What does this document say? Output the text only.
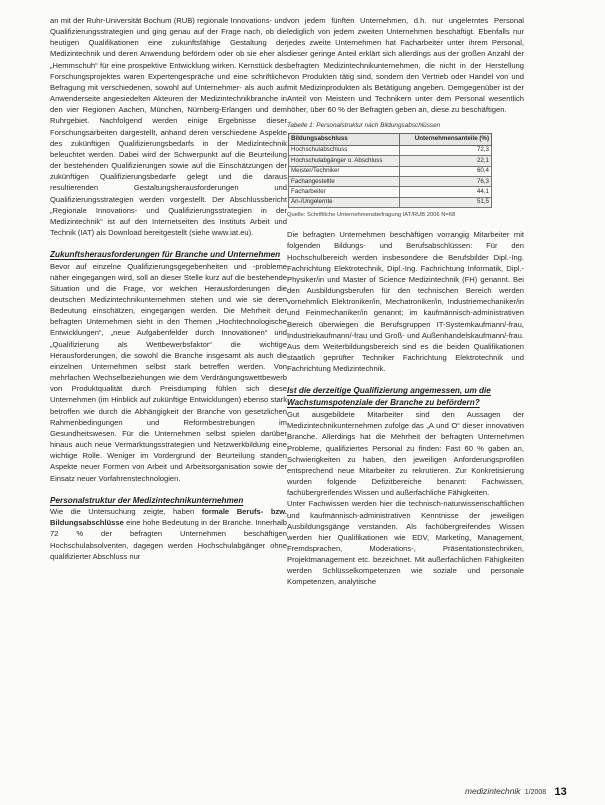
an mit der Ruhr-Universität Bochum (RUB) regionale Innovations- und Qualifizierungsstrategien und ging genau auf der Frage nach, ob die heutigen Qualifikationen eine zukunftsfähige Gestaltung der Medizintechnik und deren Anwendung befördern oder ob sie eher als „Hemmschuh“ für eine prospektive Entwicklung wirken. Kernstück des Forschungsprojektes waren Expertengespräche und eine schriftliche Befragung mit verschiedenen, sowohl auf Unternehmer- als auch auf Anwenderseite angesiedelten Akteuren der Medizintechnikbranche in den vier Regionen Aachen, München, Nürnberg-Erlangen und dem Ruhrgebiet. Nachfolgend werden einige Ergebnisse dieser Forschungsarbeiten dargestellt, anhand deren verschiedene Aspekte des zukünftigen Qualifizierungsbedarfs in der Medizintechnik beleuchtet werden. Dabei wird der Schwerpunkt auf die Beurteilung der bestehenden Qualifizierungen sowie auf die Einschätzungen der zukünftigen Qualifizierungsbedarfe gelegt und die daraus resultierenden Gestaltungsherausforderungen und Qualifizierungsstrategien werden vorgestellt. Der Abschlussbericht „Regionale Innovations- und Qualifizierungsstrategien in der Medizintechnik“ ist auf den Internetseiten des Instituts Arbeit und Technik (IAT) als Download bereitgestellt (siehe www.iat.eu).

Zukunftsherausforderungen für Branche und Unternehmen

Bevor auf einzelne Qualifizierungsgegebenheiten und -probleme näher eingegangen wird, soll an dieser Stelle kurz auf die bestehende Situation und die Frage, vor welchen Herausforderungen die deutschen Medizintechnikunternehmen stehen und wie sie deren Bedeutung einschätzen, eingegangen werden. Die Mehrheit der befragten Unternehmen sieht in den Themen „Hochtechnologische Entwicklungen“, „neue Aufgabenfelder durch Innovationen“ und „Qualifizierung als Wettbewerbsfaktor“ die wichtige Herausforderungen, die sowohl die Branche insgesamt als auch die einzelnen Unternehmen selbst stark betreffen werden. Von mehrfachen Wechselbeziehungen wie dem Verdrängungswettbewerb von Produktqualität durch Preisdumping fühlen sich diese Unternehmen (im Hinblick auf zukünftige Entwicklungen) ebenso stark betroffen wie durch die Abhängigkeit der Branche von gesetzlichen Rahmenbedingungen und Reformbestrebungen im Gesundheitswesen. Für die Unternehmen selbst spielen darüber hinaus auch neue Vermarktungsstrategien und Netzwerkbildung eine wichtige Rolle. Weniger im Vordergrund der Beurteilung standen Aspekte neuer Formen von Arbeit und Arbeitsorganisation sowie der Einsatz neuer Vorfahrenstechnologien.

Personalstruktur der Medizintechnikunternehmen

Wie die Untersuchung zeigte, haben formale Berufs- bzw. Bildungsabschlüsse eine hohe Bedeutung in der Branche. Innerhalb 72 % der befragten Unternehmen beschäftigen Hochschulabsolventen, dagegen werden Hochschulabgänger ohne qualifizierter Abschluss nur

von jedem fünften Unternehmen, d.h. nur ungelerntes Personal lediglich von jedem zweiten Unternehmen beschäftigt. Ebenfalls nur jedes zweite Unternehmen hat Facharbeiter unter ihrem Personal, dieser geringe Anteil erklärt sich allerdings aus der großen Anzahl der befragten Medizintechnikunternehmen, die nicht in der Herstellung von Produkten tätig sind, sondern den Vertrieb oder Handel von und mit Medizinprodukten als Betätigung angeben. Demgegenüber ist der Anteil von Meistern und Technikern unter dem Personal wesentlich höher, über 60 % der Befragten geben an, diese zu beschäftigen.

Tabelle 1: Personalstruktur nach Bildungsabschlüssen
Bildungsabschluss	Unternehmensanteile (%)
Hochschulabschluss	72,3
Hochschulabgänger o. Abschluss	22,1
Meister/Techniker	60,4
Fachangestellte	76,3
Facharbeiter	44,1
An-/Ungelernte	51,5
Quelle: Schriftliche Unternehmensbefragung IAT/RUB 2006 N=68

Die befragten Unternehmen beschäftigen vorrangig Mitarbeiter mit folgenden Bildungs- und Berufsabschlüssen: Für den Hochschulbereich werden insbesondere die Berufsbilder Dipl.-Ing. Fachrichtung Elektrotechnik, Dipl.-Ing. Fachrichtung Informatik, Dipl.-Physiker/in und Master of Science Medizintechnik (FH) genannt. Bei den Ausbildungsberufen für den technischen Bereich werden vornehmlich Elektroniker/in, Mechatroniker/in, Industriemechaniker/in und Feinmechaniker/in genannt; im kaufmännisch-administrativen Bereich überwiegen die Berufsgruppen IT-Systemkaufmann/-frau, Industriekaufmann/-frau und Groß- und Außenhandelskaufmann/-frau. Aus dem Weiterbildungsbereich sind es die beiden Qualifikationen staatlich geprüfter Techniker Fachrichtung Elektrotechnik und Fachrichtung Medizintechnik.

Ist die derzeitige Qualifizierung angemessen, um die Wachstumspotenziale der Branche zu befördern?

Gut ausgebildete Mitarbeiter sind den Aussagen der Medizintechnikunternehmen zufolge das „A und O“ dieser innovativen Branche. Allerdings hat die Mehrheit der befragten Unternehmen Probleme, qualifiziertes Personal zu finden: Fast 60 % gaben an, Schwierigkeiten zu haben, den jeweiligen Anforderungsprofilen entsprechend neue Mitarbeiter zu rekrutieren. Zur Konkretisierung wurden folgende Defizitbereiche benannt: Fachwissen, fachübergreifendes Wissen und außerfachliche Fähigkeiten.

Unter Fachwissen werden hier die technisch-naturwissenschaftlichen und kaufmännisch-administrativen Kenntnisse der jeweiligen Ausbildungsgänge verstanden. Als fachübergreifendes Wissen werden hier Qualifikationen wie EDV, Marketing, Management, Fremdsprachen, Moderations-, Präsentationstechniken, Projektmanagement etc. bezeichnet. Mit außerfachlichen Fähigkeiten werden Schlüsselkompetenzen wie soziale und personale Kompetenzen, analytische

medizintechnik 1/2008 13
